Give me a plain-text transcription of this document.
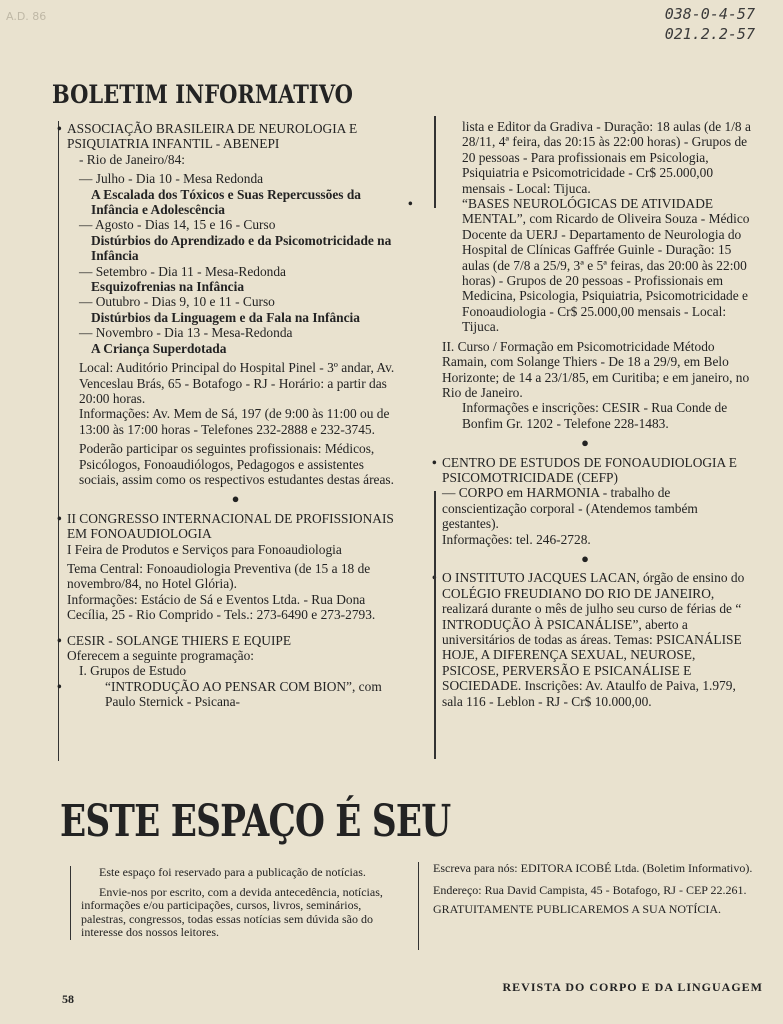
A.D. 86	038-0-4-57
021.2.2-57
BOLETIM INFORMATIVO

• ASSOCIAÇÃO BRASILEIRA DE NEUROLOGIA E PSIQUIATRIA INFANTIL - ABENEPI

- Rio de Janeiro/84:

— Julho - Dia 10 - Mesa Redonda

A Escalada dos Tóxicos e Suas Repercussões da Infância e Adolescência

— Agosto - Dias 14, 15 e 16 - Curso

Distúrbios do Aprendizado e da Psicomotricidade na Infância

— Setembro - Dia 11 - Mesa-Redonda

Esquizofrenias na Infância

— Outubro - Dias 9, 10 e 11 - Curso

Distúrbios da Linguagem e da Fala na Infância

— Novembro - Dia 13 - Mesa-Redonda

A Criança Superdotada

Local: Auditório Principal do Hospital Pinel - 3º andar, Av. Venceslau Brás, 65 - Botafogo - RJ - Horário: a partir das 20:00 horas.

Informações: Av. Mem de Sá, 197 (de 9:00 às 11:00 ou de 13:00 às 17:00 horas - Telefones 232-2888 e 232-3745.

Poderão participar os seguintes profissionais: Médicos, Psicólogos, Fonoaudiólogos, Pedagogos e assistentes sociais, assim como os respectivos estudantes destas áreas.

●

• II CONGRESSO INTERNACIONAL DE PROFISSIONAIS EM FONOAUDIOLOGIA

I Feira de Produtos e Serviços para Fonoaudiologia

Tema Central: Fonoaudiologia Preventiva (de 15 a 18 de novembro/84, no Hotel Glória).

Informações: Estácio de Sá e Eventos Ltda. - Rua Dona Cecília, 25 - Rio Comprido - Tels.: 273-6490 e 273-2793.

• CESIR - SOLANGE THIERS E EQUIPE

Oferecem a seguinte programação:

I. Grupos de Estudo

• “INTRODUÇÃO AO PENSAR COM BION”, com Paulo Sternick - Psicana-

lista e Editor da Gradiva - Duração: 18 aulas (de 1/8 a 28/11, 4ª feira, das 20:15 às 22:00 horas) - Grupos de 20 pessoas - Para profissionais em Psicologia, Psiquiatria e Psicomotricidade - Cr$ 25.000,00 mensais - Local: Tijuca.

• “BASES NEUROLÓGICAS DE ATIVIDADE MENTAL”, com Ricardo de Oliveira Souza - Médico Docente da UERJ - Departamento de Neurologia do Hospital de Clínicas Gaffrée Guinle - Duração: 15 aulas (de 7/8 a 25/9, 3ª e 5ª feiras, das 20:00 às 22:00 horas) - Grupos de 20 pessoas - Profissionais em Medicina, Psicologia, Psiquiatria, Psicomotricidade e Fonoaudiologia - Cr$ 25.000,00 mensais - Local: Tijuca.

II. Curso / Formação em Psicomotricidade Método Ramain, com Solange Thiers - De 18 a 29/9, em Belo Horizonte; de 14 a 23/1/85, em Curitiba; e em janeiro, no Rio de Janeiro.

Informações e inscrições: CESIR - Rua Conde de Bonfim Gr. 1202 - Telefone 228-1483.

●

• CENTRO DE ESTUDOS DE FONOAUDIOLOGIA E PSICOMOTRICIDADE (CEFP)

— CORPO em HARMONIA - trabalho de conscientização corporal - (Atendemos também gestantes).

Informações: tel. 246-2728.

●

• O INSTITUTO JACQUES LACAN, órgão de ensino do COLÉGIO FREUDIANO DO RIO DE JANEIRO, realizará durante o mês de julho seu curso de férias de “ INTRODUÇÃO À PSICANÁLISE”, aberto a universitários de todas as áreas. Temas: PSICANÁLISE HOJE, A DIFERENÇA SEXUAL, NEUROSE, PSICOSE, PERVERSÃO E PSICANÁLISE E SOCIEDADE. Inscrições: Av. Ataulfo de Paiva, 1.979, sala 116 - Leblon - RJ - Cr$ 10.000,00.

ESTE ESPAÇO É SEU

Este espaço foi reservado para a publicação de notícias.

Envie-nos por escrito, com a devida antecedência, notícias, informações e/ou participações, cursos, livros, seminários, palestras, congressos, todas essas notícias sem dúvida são do interesse dos nossos leitores.

Escreva para nós: EDITORA ICOBÉ Ltda. (Boletim Informativo).

Endereço: Rua David Campista, 45 - Botafogo, RJ - CEP 22.261.

GRATUITAMENTE PUBLICAREMOS A SUA NOTÍCIA.

58
REVISTA DO CORPO E DA LINGUAGEM
